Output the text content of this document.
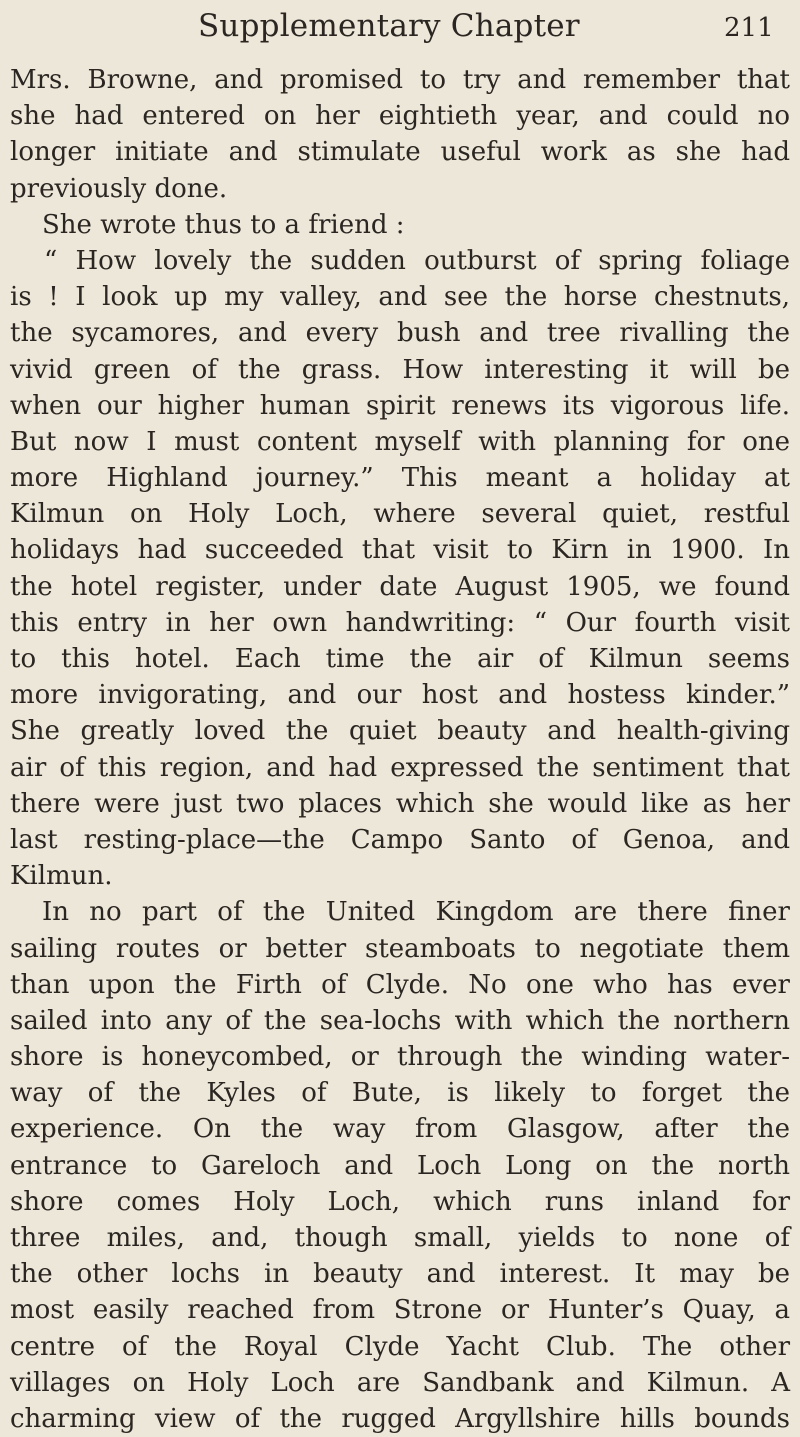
Supplementary Chapter	211
Mrs. Browne, and promised to try and remember that
she had entered on her eightieth year, and could no
longer initiate and stimulate useful work as she had
previously done.
She wrote thus to a friend :
“ How lovely the sudden outburst of spring foliage
is ! I look up my valley, and see the horse chestnuts,
the sycamores, and every bush and tree rivalling the
vivid green of the grass. How interesting it will be
when our higher human spirit renews its vigorous life.
But now I must content myself with planning for one
more Highland journey.” This meant a holiday at
Kilmun on Holy Loch, where several quiet, restful
holidays had succeeded that visit to Kirn in 1900. In
the hotel register, under date August 1905, we found
this entry in her own handwriting: “ Our fourth visit
to this hotel. Each time the air of Kilmun seems
more invigorating, and our host and hostess kinder.”
She greatly loved the quiet beauty and health-giving
air of this region, and had expressed the sentiment that
there were just two places which she would like as her
last resting-place—the Campo Santo of Genoa, and
Kilmun.
In no part of the United Kingdom are there finer
sailing routes or better steamboats to negotiate them
than upon the Firth of Clyde. No one who has ever
sailed into any of the sea-lochs with which the northern
shore is honeycombed, or through the winding water-
way of the Kyles of Bute, is likely to forget the
experience. On the way from Glasgow, after the
entrance to Gareloch and Loch Long on the north
shore comes Holy Loch, which runs inland for
three miles, and, though small, yields to none of
the other lochs in beauty and interest. It may be
most easily reached from Strone or Hunter’s Quay, a
centre of the Royal Clyde Yacht Club. The other
villages on Holy Loch are Sandbank and Kilmun. A
charming view of the rugged Argyllshire hills bounds
